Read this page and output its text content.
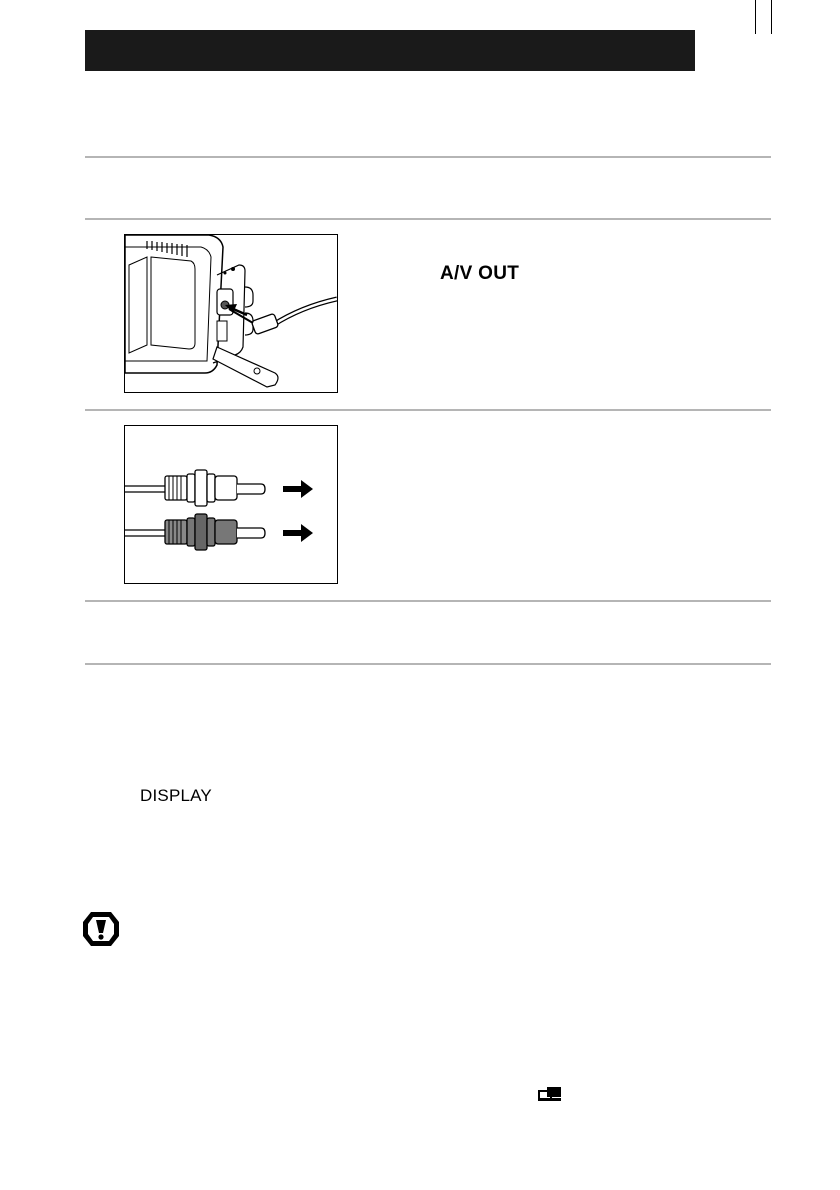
A/V OUT
DISPLAY
